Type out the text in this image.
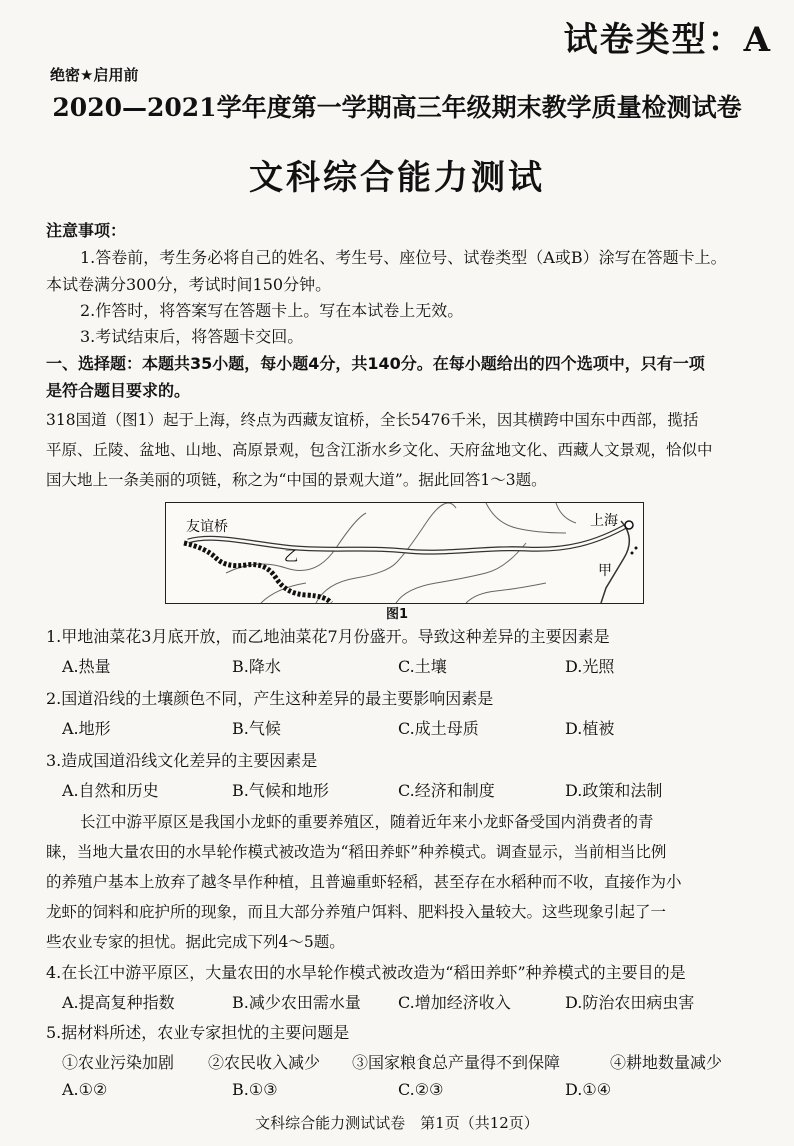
试卷类型：A
绝密★启用前
2020—2021学年度第一学期高三年级期末教学质量检测试卷
文科综合能力测试
注意事项：
1.答卷前，考生务必将自己的姓名、考生号、座位号、试卷类型（A或B）涂写在答题卡上。
本试卷满分300分，考试时间150分钟。
2.作答时，将答案写在答题卡上。写在本试卷上无效。
3.考试结束后，将答题卡交回。
一、选择题：本题共35小题，每小题4分，共140分。在每小题给出的四个选项中，只有一项
是符合题目要求的。
318国道（图1）起于上海，终点为西藏友谊桥，全长5476千米，因其横跨中国东中西部，揽括
平原、丘陵、盆地、山地、高原景观，包含江浙水乡文化、天府盆地文化、西藏人文景观，恰似中
国大地上一条美丽的项链，称之为“中国的景观大道”。据此回答1～3题。
友谊桥	上海
乙
甲
图1
1.甲地油菜花3月底开放，而乙地油菜花7月份盛开。导致这种差异的主要因素是
A.热量	B.降水	C.土壤	D.光照
2.国道沿线的土壤颜色不同，产生这种差异的最主要影响因素是
A.地形	B.气候	C.成土母质	D.植被
3.造成国道沿线文化差异的主要因素是
A.自然和历史	B.气候和地形	C.经济和制度	D.政策和法制
长江中游平原区是我国小龙虾的重要养殖区，随着近年来小龙虾备受国内消费者的青
睐，当地大量农田的水旱轮作模式被改造为“稻田养虾”种养模式。调查显示，当前相当比例
的养殖户基本上放弃了越冬旱作种植，且普遍重虾轻稻，甚至存在水稻种而不收，直接作为小
龙虾的饲料和庇护所的现象，而且大部分养殖户饵料、肥料投入量较大。这些现象引起了一
些农业专家的担忧。据此完成下列4～5题。
4.在长江中游平原区，大量农田的水旱轮作模式被改造为“稻田养虾”种养模式的主要目的是
A.提高复种指数	B.减少农田需水量 C.增加经济收入	D.防治农田病虫害
5.据材料所述，农业专家担忧的主要问题是
①农业污染加剧 ②农民收入减少 ③国家粮食总产量得不到保障	④耕地数量减少
A.①②	B.①③	C.②③	D.①④
文科综合能力测试试卷　第1页（共12页）
